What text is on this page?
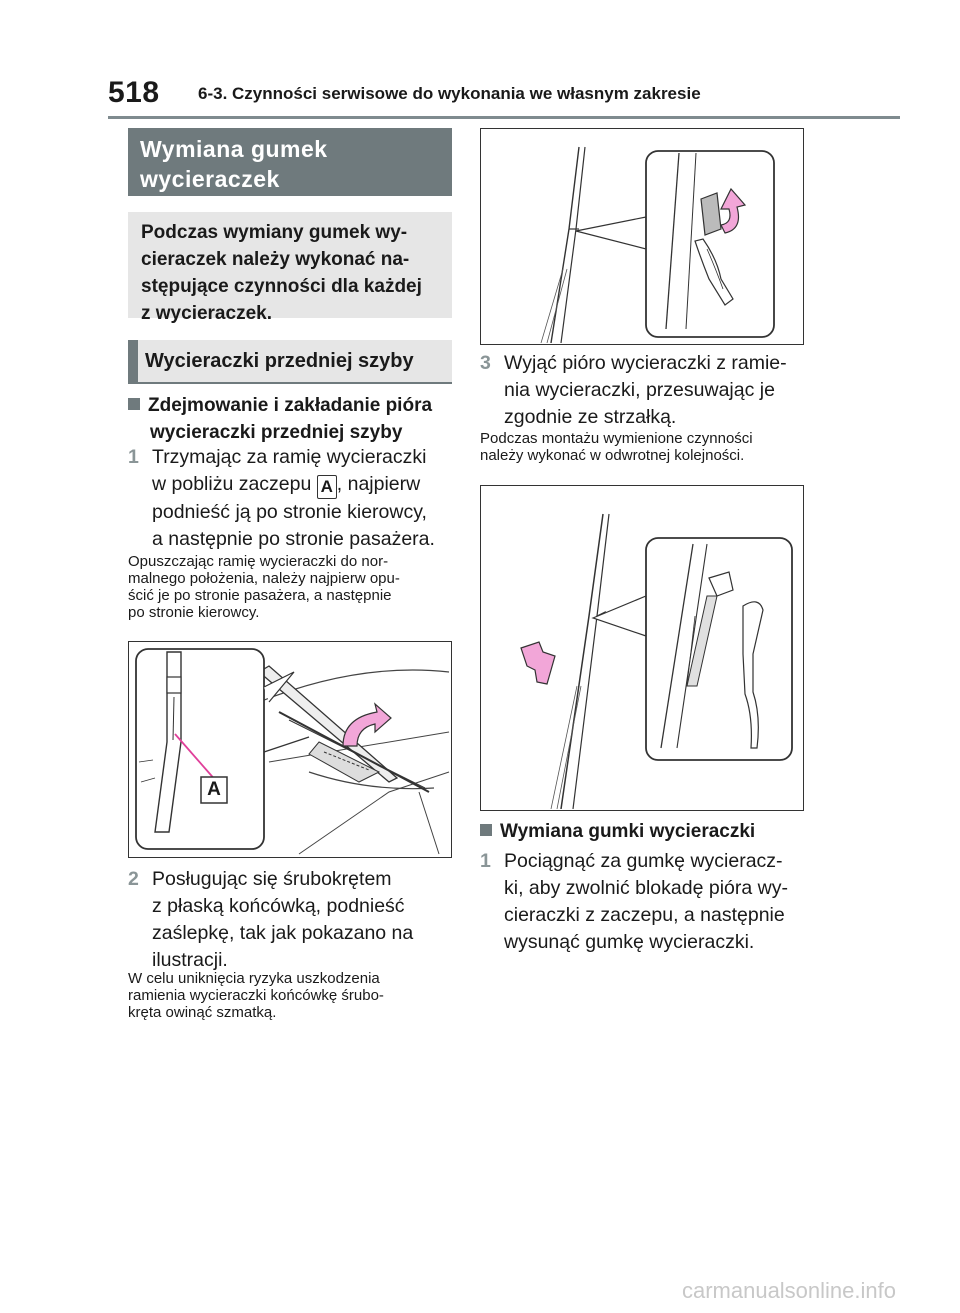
518 6-3. Czynności serwisowe do wykonania we własnym zakresie
Wymiana gumek wycieraczek
Podczas wymiany gumek wy-
cieraczek należy wykonać na-
stępujące czynności dla każdej
z wycieraczek.
Wycieraczki przedniej szyby
Zdejmowanie i zakładanie pióra
wycieraczki przedniej szyby
1 Trzymając za ramię wycieraczki
w pobliżu zaczepu A , najpierw
podnieść ją po stronie kierowcy,
a następnie po stronie pasażera.
Opuszczając ramię wycieraczki do nor-
malnego położenia, należy najpierw opu-
ścić je po stronie pasażera, a następnie
po stronie kierowcy.
A
2 Posługując się śrubokrętem
z płaską końcówką, podnieść
zaślepkę, tak jak pokazano na
ilustracji.
W celu uniknięcia ryzyka uszkodzenia
ramienia wycieraczki końcówkę śrubo-
kręta owinąć szmatką.
3 Wyjąć pióro wycieraczki z ramie-
nia wycieraczki, przesuwając je
zgodnie ze strzałką.
Podczas montażu wymienione czynności
należy wykonać w odwrotnej kolejności.
Wymiana gumki wycieraczki
1 Pociągnąć za gumkę wycieracz-
ki, aby zwolnić blokadę pióra wy-
cieraczki z zaczepu, a następnie
wysunąć gumkę wycieraczki.
carmanualsonline.info
